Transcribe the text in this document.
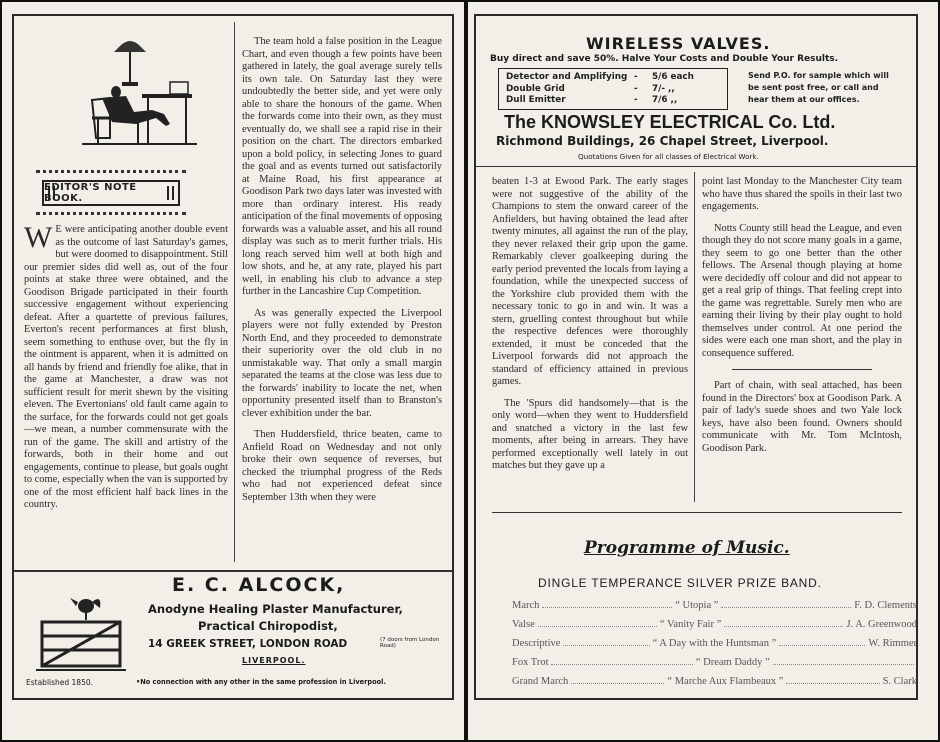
EDITOR'S NOTE BOOK.

W E were anticipating another double event as the outcome of last Saturday's games, but were doomed to disappointment. Still our premier sides did well as, out of the four points at stake three were obtained, and the Goodison Brigade participated in their fourth successive engagement without experiencing defeat. After a quartette of previous failures, Everton's recent performances at first blush, seem something to enthuse over, but the fly in the ointment is apparent, when it is admitted on all hands by friend and friendly foe alike, that in the game at Manchester, a draw was not sufficient result for merit shewn by the visiting eleven. The Evertonians' old fault came again to the surface, for the forwards could not get goals—we mean, a number commensurate with the run of the game. The skill and artistry of the forwards, both in their home and out engagements, continue to please, but goals ought to come, especially when the van is supported by one of the most efficient half back lines in the country.

The team hold a false position in the League Chart, and even though a few points have been gathered in lately, the goal average surely tells its own tale. On Saturday last they were undoubtedly the better side, and yet were only able to share the honours of the game. When the forwards come into their own, as they must eventually do, we shall see a rapid rise in their position on the chart. The directors embarked upon a bold policy, in selecting Jones to guard the goal and as events turned out satisfactorily at Maine Road, his first appearance at Goodison Park two days later was invested with more than ordinary interest. His ready anticipation of the final movements of opposing forwards was a valuable asset, and his all round display was such as to merit further trials. His long reach served him well at both high and low shots, and he, at any rate, played his part well, in enabling his club to advance a step further in the Lancashire Cup Competition.

As was generally expected the Liverpool players were not fully extended by Preston North End, and they proceeded to demonstrate their superiority over the old club in no unmistakable way. That only a small margin separated the teams at the close was less due to the forwards' inability to locate the net, when opportunity presented itself than to Branston's clever exhibition under the bar.

Then Huddersfield, thrice beaten, came to Anfield Road on Wednesday and not only broke their own sequence of reverses, but checked the triumphal progress of the Reds who had not experienced defeat since September 13th when they were

E. C. ALCOCK,
Anodyne Healing Plaster Manufacturer,
Practical Chiropodist,
14 GREEK STREET, LONDON ROAD	(7 doors from London Road)
LIVERPOOL.
Established 1850.	•No connection with any other in the same profession in Liverpool.
WIRELESS VALVES.
Buy direct and save 50%. Halve Your Costs and Double Your Results.
Detector and Amplifying -	5/6 each
Double Grid	-	7/- ,,
Dull Emitter	-	7/6 ,,
Send P.O. for sample which will be sent post free, or call and hear them at our offices.
The KNOWSLEY ELECTRICAL Co. Ltd.
Richmond Buildings, 26 Chapel Street, Liverpool.
Quotations Given for all classes of Electrical Work.

beaten 1-3 at Ewood Park. The early stages were not suggestive of the ability of the Champions to stem the onward career of the Anfielders, but having obtained the lead after twenty minutes, all against the run of the play, they never relaxed their grip upon the game. Remarkably clever goalkeeping during the early period prevented the locals from laying a foundation, while the unexpected success of the Yorkshire club provided them with the necessary tonic to go in and win. It was a stern, gruelling contest throughout but while the respective defences were thoroughly extended, it must be conceded that the Liverpool forwards did not approach the standard of efficiency attained in previous games.

The 'Spurs did handsomely—that is the only word—when they went to Huddersfield and snatched a victory in the last few moments, after being in arrears. They have performed exceptionally well lately in out matches but they gave up a

point last Monday to the Manchester City team who have thus shared the spoils in their last two engagements.

Notts County still head the League, and even though they do not score many goals in a game, they seem to go one better than the other fellows. The Arsenal though playing at home were decidedly off colour and did not appear to get a real grip of things. That feeling crept into the game was regrettable. Surely men who are earning their living by their play ought to hold themselves under control. At one period the sides were each one man short, and the play in consequence suffered.

Part of chain, with seal attached, has been found in the Directors' box at Goodison Park. A pair of lady's suede shoes and two Yale lock keys, have also been found. Owners should communicate with Mr. Tom McIntosh, Goodison Park.

Programme of Music.
DINGLE TEMPERANCE SILVER PRIZE BAND.
March	“ Utopia ”	F. D. Clements
Valse	“ Vanity Fair ”	J. A. Greenwood
Descriptive	“ A Day with the Huntsman ”	W. Rimmer
Fox Trot	“ Dream Daddy ”
Grand March	“ Marche Aux Flambeaux ”	S. Clark
